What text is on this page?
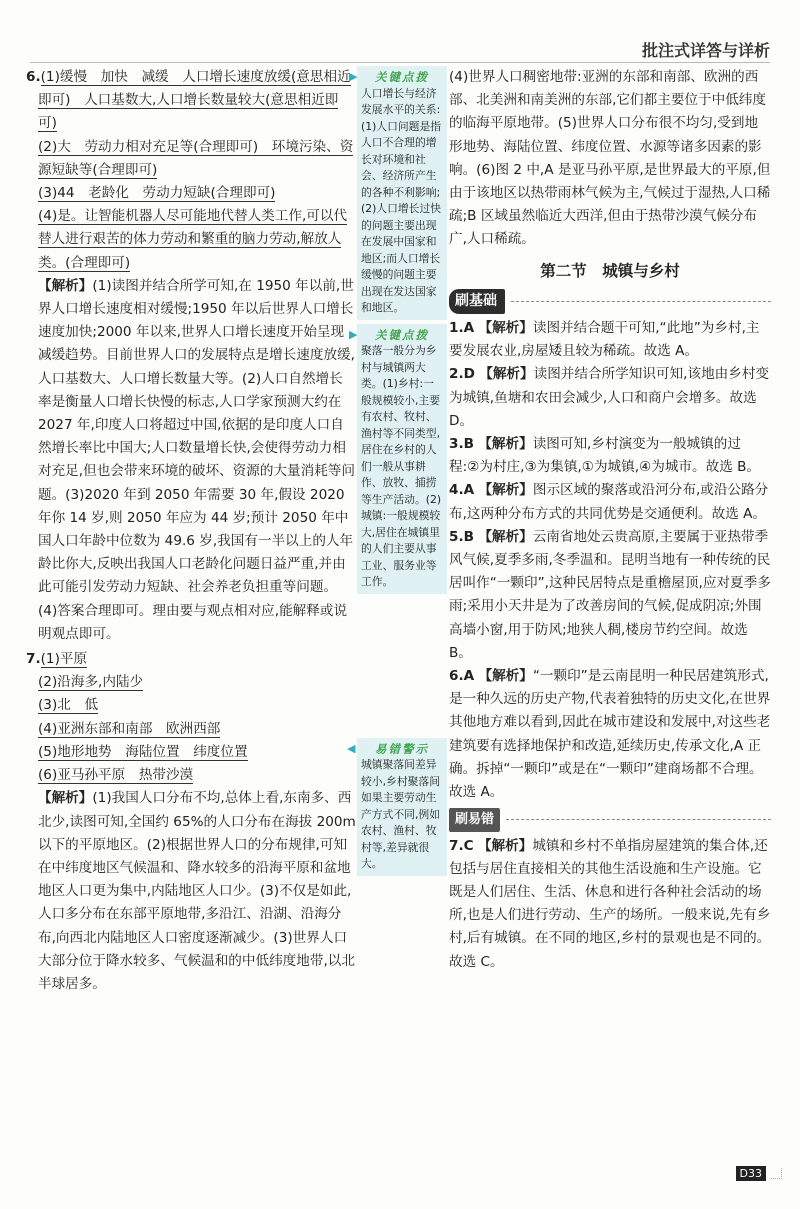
批注式详答与详析

6.(1)缓慢　加快　减缓　人口增长速度放缓(意思相近即可)　人口基数大,人口增长数量较大(意思相近即可)

(2)大　劳动力相对充足等(合理即可)　环境污染、资源短缺等(合理即可)

(3)44　老龄化　劳动力短缺(合理即可)

(4)是。让智能机器人尽可能地代替人类工作,可以代替人进行艰苦的体力劳动和繁重的脑力劳动,解放人类。(合理即可)

【解析】(1)读图并结合所学可知,在 1950 年以前,世界人口增长速度相对缓慢;1950 年以后世界人口增长速度加快;2000 年以来,世界人口增长速度开始呈现减缓趋势。目前世界人口的发展特点是增长速度放缓,人口基数大、人口增长数量大等。(2)人口自然增长率是衡量人口增长快慢的标志,人口学家预测大约在 2027 年,印度人口将超过中国,依据的是印度人口自然增长率比中国大;人口数量增长快,会使得劳动力相对充足,但也会带来环境的破坏、资源的大量消耗等问题。(3)2020 年到 2050 年需要 30 年,假设 2020 年你 14 岁,则 2050 年应为 44 岁;预计 2050 年中国人口年龄中位数为 49.6 岁,我国有一半以上的人年龄比你大,反映出我国人口老龄化问题日益严重,并由此可能引发劳动力短缺、社会养老负担重等问题。(4)答案合理即可。理由要与观点相对应,能解释或说明观点即可。

7.(1)平原

(2)沿海多,内陆少

(3)北　低

(4)亚洲东部和南部　欧洲西部

(5)地形地势　海陆位置　纬度位置

(6)亚马孙平原　热带沙漠

【解析】(1)我国人口分布不均,总体上看,东南多、西北少,读图可知,全国约 65%的人口分布在海拔 200m 以下的平原地区。(2)根据世界人口的分布规律,可知在中纬度地区气候温和、降水较多的沿海平原和盆地地区人口更为集中,内陆地区人口少。(3)不仅是如此,人口多分布在东部平原地带,多沿江、沿湖、沿海分布,向西北内陆地区人口密度逐渐减少。(3)世界人口大部分位于降水较多、气候温和的中低纬度地带,以北半球居多。

▶ 关键点拨
人口增长与经济发展水平的关系:(1)人口问题是指人口不合理的增长对环境和社会、经济所产生的各种不利影响;(2)人口增长过快的问题主要出现在发展中国家和地区;而人口增长缓慢的问题主要出现在发达国家和地区。
▶ 关键点拨
聚落一般分为乡村与城镇两大类。(1)乡村:一般规模较小,主要有农村、牧村、渔村等不同类型,居住在乡村的人们一般从事耕作、放牧、捕捞等生产活动。(2)城镇:一般规模较大,居住在城镇里的人们主要从事工业、服务业等工作。
◀ 易错警示
城镇聚落间差异较小,乡村聚落间如果主要劳动生产方式不同,例如农村、渔村、牧村等,差异就很大。

(4)世界人口稠密地带:亚洲的东部和南部、欧洲的西部、北美洲和南美洲的东部,它们都主要位于中低纬度的临海平原地带。(5)世界人口分布很不均匀,受到地形地势、海陆位置、纬度位置、水源等诸多因素的影响。(6)图 2 中,A 是亚马孙平原,是世界最大的平原,但由于该地区以热带雨林气候为主,气候过于湿热,人口稀疏;B 区域虽然临近大西洋,但由于热带沙漠气候分布广,人口稀疏。

第二节　城镇与乡村
刷基础

1.A 【解析】读图并结合题干可知,“此地”为乡村,主要发展农业,房屋矮且较为稀疏。故选 A。

2.D 【解析】读图并结合所学知识可知,该地由乡村变为城镇,鱼塘和农田会减少,人口和商户会增多。故选 D。

3.B 【解析】读图可知,乡村演变为一般城镇的过程:②为村庄,③为集镇,①为城镇,④为城市。故选 B。

4.A 【解析】图示区域的聚落或沿河分布,或沿公路分布,这两种分布方式的共同优势是交通便利。故选 A。

5.B 【解析】云南省地处云贵高原,主要属于亚热带季风气候,夏季多雨,冬季温和。昆明当地有一种传统的民居叫作“一颗印”,这种民居特点是重檐屋顶,应对夏季多雨;采用小天井是为了改善房间的气候,促成阴凉;外围高墙小窗,用于防风;地狭人稠,楼房节约空间。故选 B。

6.A 【解析】“一颗印”是云南昆明一种民居建筑形式,是一种久远的历史产物,代表着独特的历史文化,在世界其他地方难以看到,因此在城市建设和发展中,对这些老建筑要有选择地保护和改造,延续历史,传承文化,A 正确。拆掉“一颗印”或是在“一颗印”建商场都不合理。故选 A。

刷易错

7.C 【解析】城镇和乡村不单指房屋建筑的集合体,还包括与居住直接相关的其他生活设施和生产设施。它既是人们居住、生活、休息和进行各种社会活动的场所,也是人们进行劳动、生产的场所。一般来说,先有乡村,后有城镇。在不同的地区,乡村的景观也是不同的。故选 C。

D33
